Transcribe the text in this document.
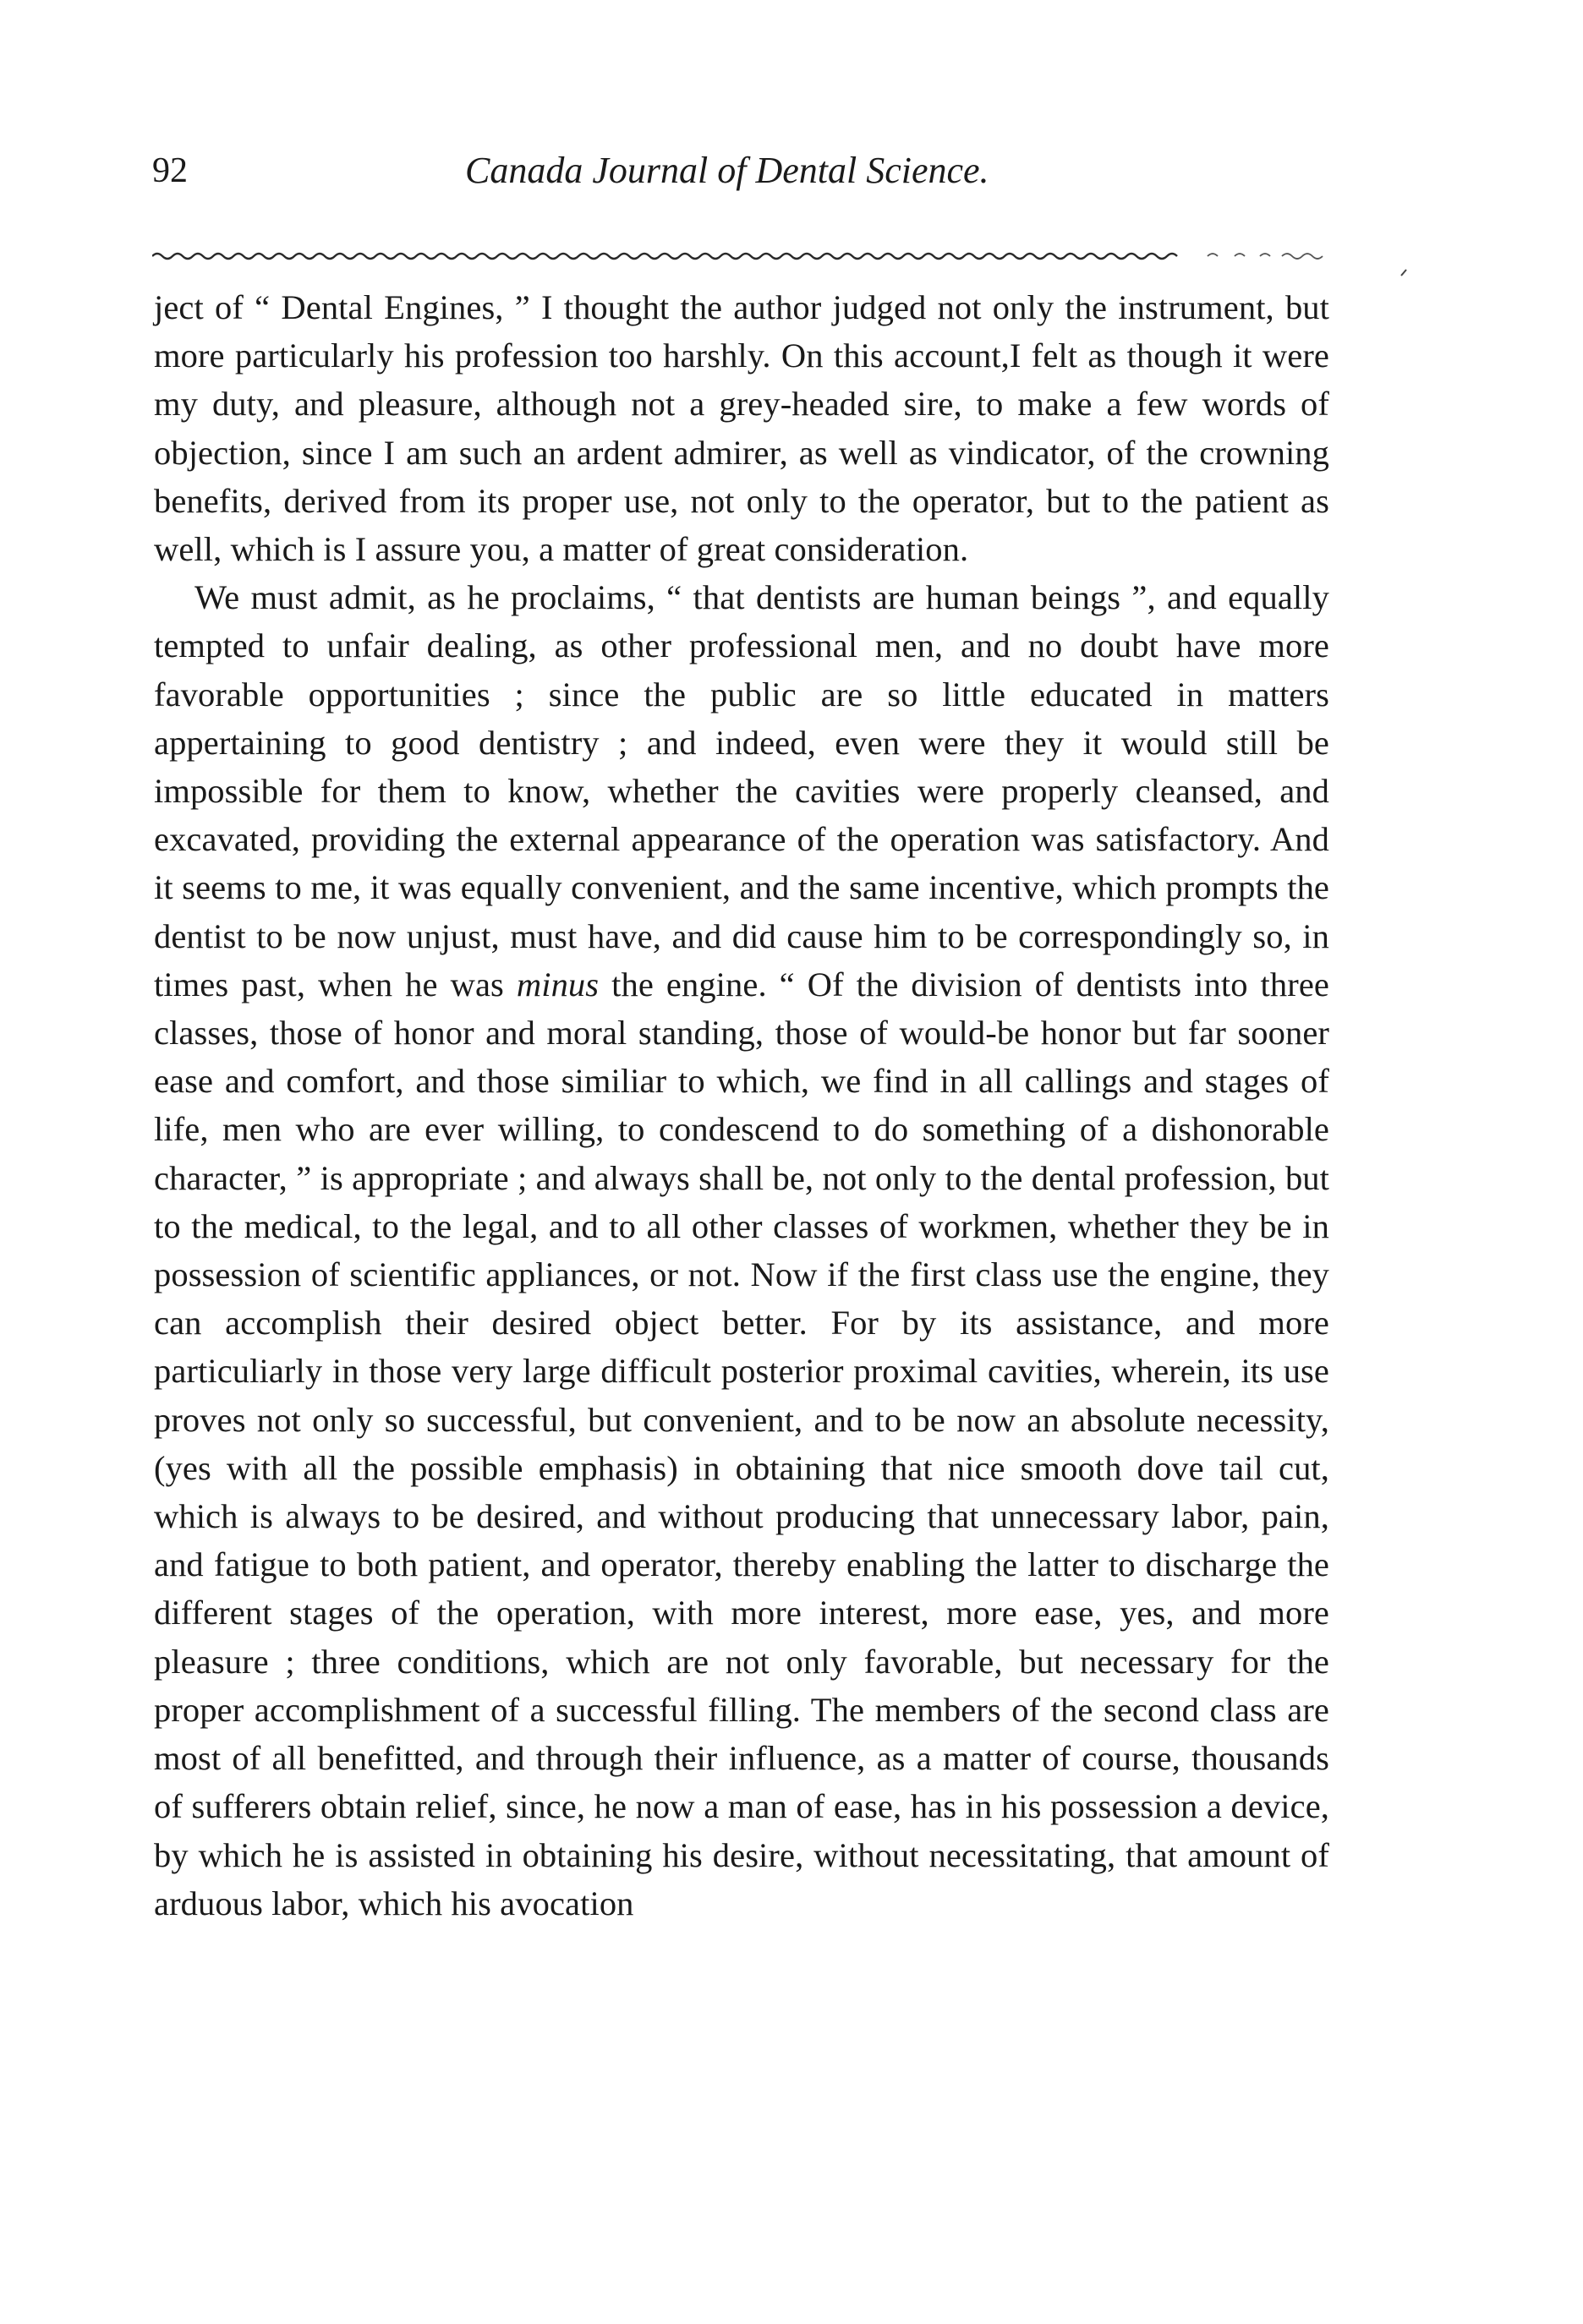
92	Canada Journal of Dental Science.

ject of “ Dental Engines, ” I thought the author judged not only the instrument, but more particularly his profession too harshly. On this account,I felt as though it were my duty, and pleasure, although not a grey-headed sire, to make a few words of objection, since I am such an ardent admirer, as well as vindicator, of the crowning benefits, derived from its proper use, not only to the operator, but to the patient as well, which is I assure you, a matter of great consideration.

We must admit, as he proclaims, “ that dentists are human beings ”, and equally tempted to unfair dealing, as other professional men, and no doubt have more favorable opportunities ; since the public are so little educated in matters appertaining to good dentistry ; and indeed, even were they it would still be impossible for them to know, whether the cavities were properly cleansed, and excavated, providing the external appearance of the operation was satisfactory. And it seems to me, it was equally convenient, and the same incentive, which prompts the dentist to be now unjust, must have, and did cause him to be correspondingly so, in times past, when he was minus the engine. “ Of the division of dentists into three classes, those of honor and moral standing, those of would-be honor but far sooner ease and comfort, and those similiar to which, we find in all callings and stages of life, men who are ever willing, to condescend to do something of a dishonorable character, ” is appropriate ; and always shall be, not only to the dental profession, but to the medical, to the legal, and to all other classes of workmen, whether they be in possession of scientific appliances, or not. Now if the first class use the engine, they can accomplish their desired object better. For by its assistance, and more particuliarly in those very large difficult posterior proximal cavities, wherein, its use proves not only so successful, but convenient, and to be now an absolute necessity, (yes with all the possible emphasis) in obtaining that nice smooth dove tail cut, which is always to be desired, and without producing that unnecessary labor, pain, and fatigue to both patient, and operator, thereby enabling the latter to discharge the different stages of the operation, with more interest, more ease, yes, and more pleasure ; three conditions, which are not only favorable, but necessary for the proper accomplishment of a successful filling. The members of the second class are most of all benefitted, and through their influence, as a matter of course, thousands of sufferers obtain relief, since, he now a man of ease, has in his possession a device, by which he is assisted in obtaining his desire, without necessitating, that amount of arduous labor, which his avocation
